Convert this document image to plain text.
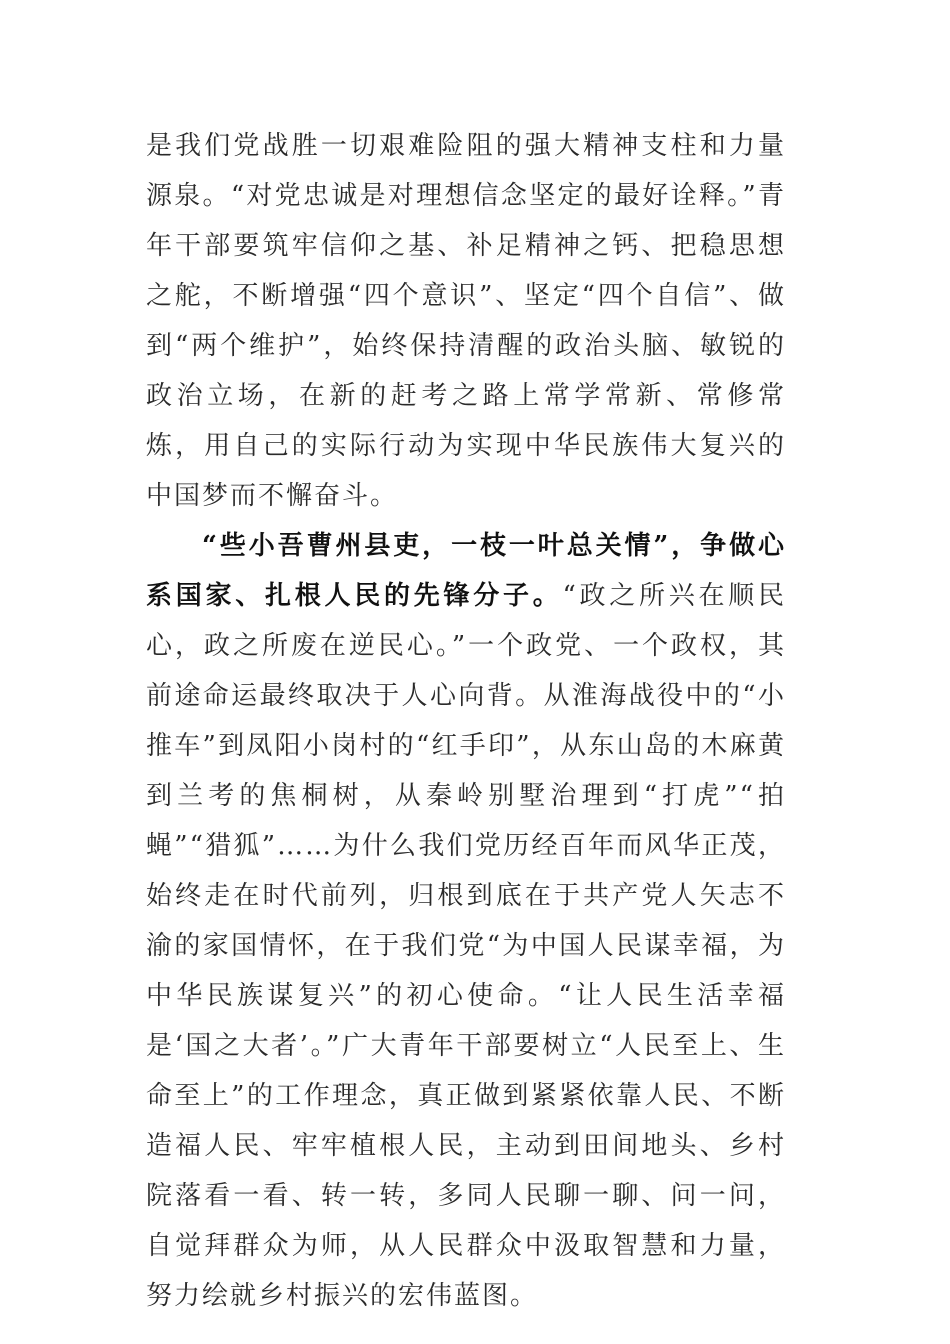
是我们党战胜一切艰难险阻的强大精神支柱和力量源泉。“对党忠诚是对理想信念坚定的最好诠释。”青年干部要筑牢信仰之基、补足精神之钙、把稳思想之舵，不断增强“四个意识”、坚定“四个自信”、做到“两个维护”，始终保持清醒的政治头脑、敏锐的政治立场，在新的赶考之路上常学常新、常修常炼，用自己的实际行动为实现中华民族伟大复兴的中国梦而不懈奋斗。

“些小吾曹州县吏，一枝一叶总关情”，争做心系国家、扎根人民的先锋分子。“政之所兴在顺民心，政之所废在逆民心。”一个政党、一个政权，其前途命运最终取决于人心向背。从淮海战役中的“小推车”到凤阳小岗村的“红手印”，从东山岛的木麻黄到兰考的焦桐树，从秦岭别墅治理到“打虎”“拍蝇”“猎狐”……为什么我们党历经百年而风华正茂，始终走在时代前列，归根到底在于共产党人矢志不渝的家国情怀，在于我们党“为中国人民谋幸福，为中华民族谋复兴”的初心使命。“让人民生活幸福是‘国之大者’。”广大青年干部要树立“人民至上、生命至上”的工作理念，真正做到紧紧依靠人民、不断造福人民、牢牢植根人民，主动到田间地头、乡村院落看一看、转一转，多同人民聊一聊、问一问，自觉拜群众为师，从人民群众中汲取智慧和力量，努力绘就乡村振兴的宏伟蓝图。
